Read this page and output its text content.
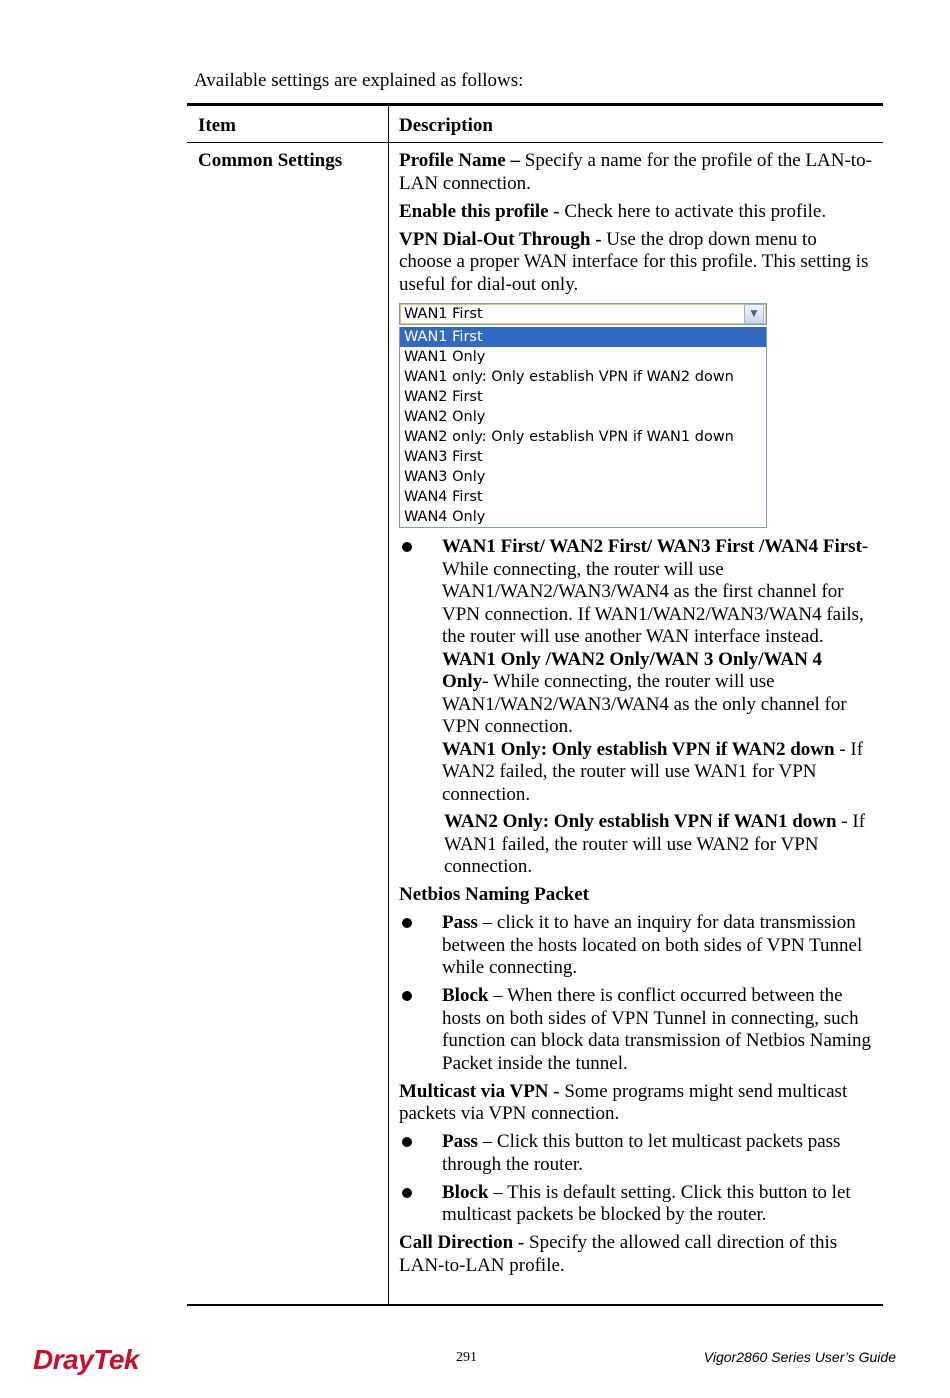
Available settings are explained as follows:
Item	Description
Common Settings	Profile Name – Specify a name for the profile of the LAN-to-LAN connection.

Enable this profile - Check here to activate this profile.

VPN Dial-Out Through - Use the drop down menu to choose a proper WAN interface for this profile. This setting is useful for dial-out only.

WAN1 First	▼
WAN1 First
WAN1 Only
WAN1 only: Only establish VPN if WAN2 down
WAN2 First
WAN2 Only
WAN2 only: Only establish VPN if WAN1 down
WAN3 First
WAN3 Only
WAN4 First
WAN4 Only
WAN1 First/ WAN2 First/ WAN3 First /WAN4 First- While connecting, the router will use WAN1/WAN2/WAN3/WAN4 as the first channel for VPN connection. If WAN1/WAN2/WAN3/WAN4 fails, the router will use another WAN interface instead.
WAN1 Only /WAN2 Only/WAN 3 Only/WAN 4 Only- While connecting, the router will use WAN1/WAN2/WAN3/WAN4 as the only channel for VPN connection.
WAN1 Only: Only establish VPN if WAN2 down - If WAN2 failed, the router will use WAN1 for VPN connection.
WAN2 Only: Only establish VPN if WAN1 down - If WAN1 failed, the router will use WAN2 for VPN connection.

Netbios Naming Packet

Pass – click it to have an inquiry for data transmission between the hosts located on both sides of VPN Tunnel while connecting.
Block – When there is conflict occurred between the hosts on both sides of VPN Tunnel in connecting, such function can block data transmission of Netbios Naming Packet inside the tunnel.

Multicast via VPN - Some programs might send multicast packets via VPN connection.

Pass – Click this button to let multicast packets pass through the router.
Block – This is default setting. Click this button to let multicast packets be blocked by the router.

Call Direction - Specify the allowed call direction of this LAN-to-LAN profile.

DrayTek	291	Vigor2860 Series User’s Guide
